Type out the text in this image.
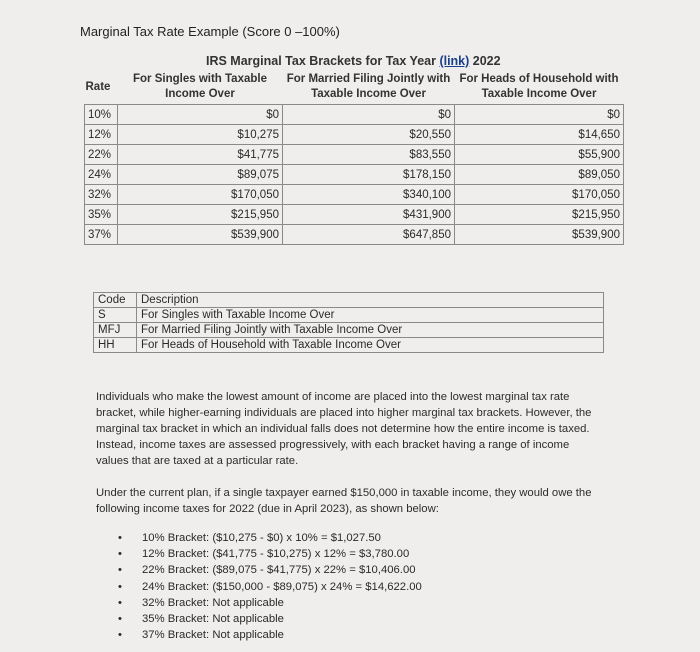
Marginal Tax Rate Example (Score 0 –100%)
IRS Marginal Tax Brackets for Tax Year (link) 2022
Rate	For Singles with Taxable Income Over	For Married Filing Jointly with Taxable Income Over	For Heads of Household with Taxable Income Over
10%	$0	$0	$0
12%	$10,275	$20,550	$14,650
22%	$41,775	$83,550	$55,900
24%	$89,075	$178,150	$89,050
32%	$170,050	$340,100	$170,050
35%	$215,950	$431,900	$215,950
37%	$539,900	$647,850	$539,900
Code	Description
S	For Singles with Taxable Income Over
MFJ	For Married Filing Jointly with Taxable Income Over
HH	For Heads of Household with Taxable Income Over

Individuals who make the lowest amount of income are placed into the lowest marginal tax rate bracket, while higher-earning individuals are placed into higher marginal tax brackets. However, the marginal tax bracket in which an individual falls does not determine how the entire income is taxed. Instead, income taxes are assessed progressively, with each bracket having a range of income values that are taxed at a particular rate.

Under the current plan, if a single taxpayer earned $150,000 in taxable income, they would owe the following income taxes for 2022 (due in April 2023), as shown below:

• 10% Bracket: ($10,275 - $0) x 10% = $1,027.50
• 12% Bracket: ($41,775 - $10,275) x 12% = $3,780.00
• 22% Bracket: ($89,075 - $41,775) x 22% = $10,406.00
• 24% Bracket: ($150,000 - $89,075) x 24% = $14,622.00
• 32% Bracket: Not applicable
• 35% Bracket: Not applicable
• 37% Bracket: Not applicable
